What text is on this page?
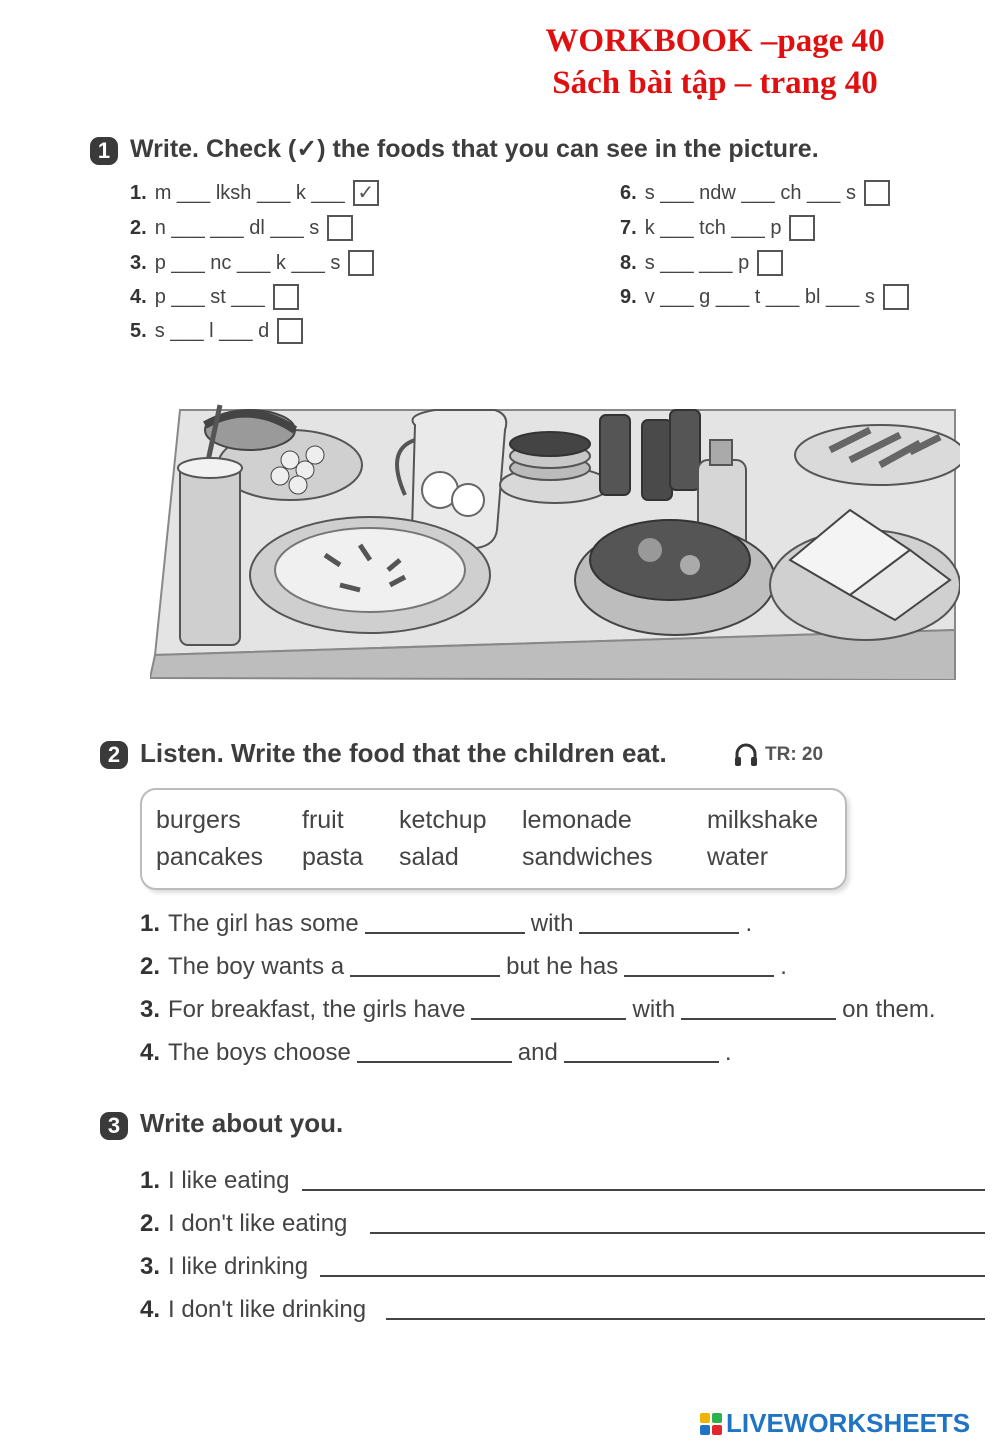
WORKBOOK –page 40
Sách bài tập – trang 40
1 Write. Check (✓) the foods that you can see in the picture.
1. m ___ lksh ___ k ___ ✓
2. n ___ ___ dl ___ s
3. p ___ nc ___ k ___ s
4. p ___ st ___
5. s ___ l ___ d
6. s ___ ndw ___ ch ___ s
7. k ___ tch ___ p
8. s ___ ___ p
9. v ___ g ___ t ___ bl ___ s
2 Listen. Write the food that the children eat.	TR: 20
burgers fruit ketchup lemonade	milkshake
pancakes pasta salad	sandwiches water
1. The girl has some	with	.
2. The boy wants a	but he has	.
3. For breakfast, the girls have	with	on them.
4. The boys choose	and	.
3 Write about you.
1. I like eating
2. I don't like eating
3. I like drinking
4. I don't like drinking
LIVEWORKSHEETS
